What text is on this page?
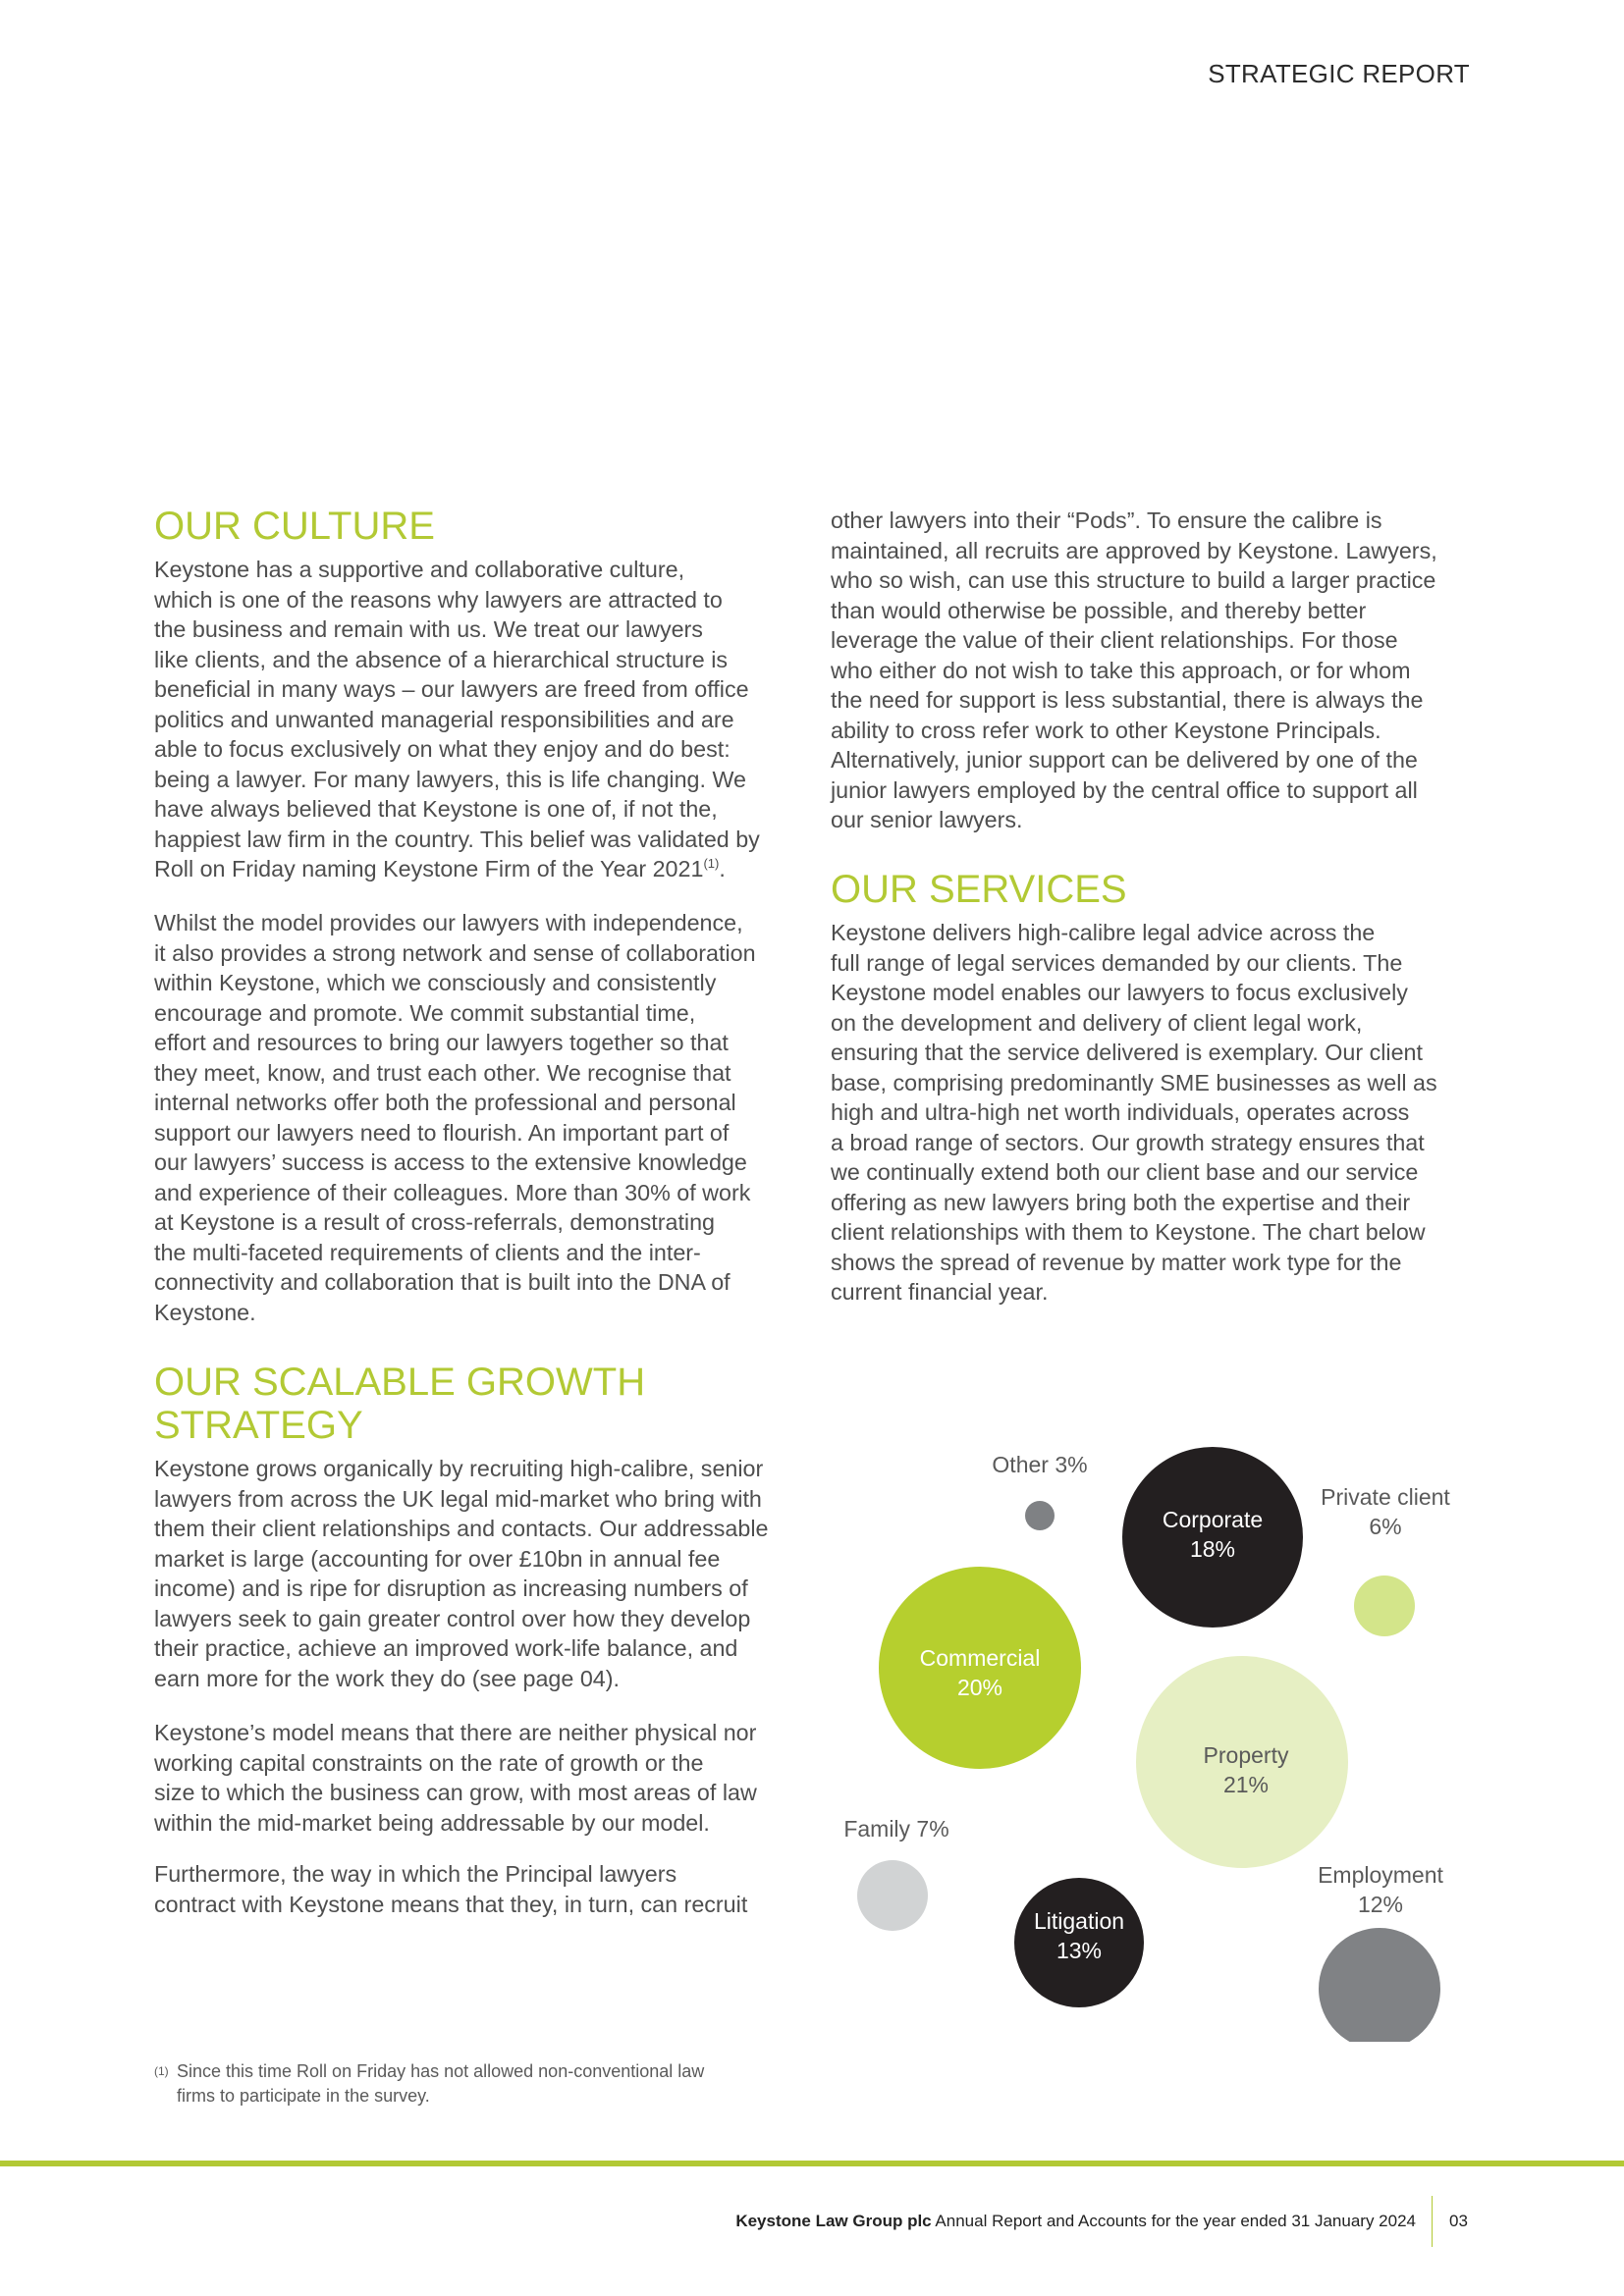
STRATEGIC REPORT
OUR CULTURE
Keystone has a supportive and collaborative culture,
which is one of the reasons why lawyers are attracted to
the business and remain with us. We treat our lawyers
like clients, and the absence of a hierarchical structure is
beneficial in many ways – our lawyers are freed from office
politics and unwanted managerial responsibilities and are
able to focus exclusively on what they enjoy and do best:
being a lawyer. For many lawyers, this is life changing. We
have always believed that Keystone is one of, if not the,
happiest law firm in the country. This belief was validated by
Roll on Friday naming Keystone Firm of the Year 2021$^{(1)}$.
Whilst the model provides our lawyers with independence,
it also provides a strong network and sense of collaboration
within Keystone, which we consciously and consistently
encourage and promote. We commit substantial time,
effort and resources to bring our lawyers together so that
they meet, know, and trust each other. We recognise that
internal networks offer both the professional and personal
support our lawyers need to flourish. An important part of
our lawyers’ success is access to the extensive knowledge
and experience of their colleagues. More than 30% of work
at Keystone is a result of cross-referrals, demonstrating
the multi-faceted requirements of clients and the inter-
connectivity and collaboration that is built into the DNA of
Keystone.
OUR SCALABLE GROWTH
STRATEGY
Keystone grows organically by recruiting high-calibre, senior
lawyers from across the UK legal mid-market who bring with
them their client relationships and contacts. Our addressable
market is large (accounting for over £10bn in annual fee
income) and is ripe for disruption as increasing numbers of
lawyers seek to gain greater control over how they develop
their practice, achieve an improved work-life balance, and
earn more for the work they do (see page 04).
Keystone’s model means that there are neither physical nor
working capital constraints on the rate of growth or the
size to which the business can grow, with most areas of law
within the mid-market being addressable by our model.
Furthermore, the way in which the Principal lawyers
contract with Keystone means that they, in turn, can recruit
other lawyers into their “Pods”. To ensure the calibre is
maintained, all recruits are approved by Keystone. Lawyers,
who so wish, can use this structure to build a larger practice
than would otherwise be possible, and thereby better
leverage the value of their client relationships. For those
who either do not wish to take this approach, or for whom
the need for support is less substantial, there is always the
ability to cross refer work to other Keystone Principals.
Alternatively, junior support can be delivered by one of the
junior lawyers employed by the central office to support all
our senior lawyers.
OUR SERVICES
Keystone delivers high-calibre legal advice across the
full range of legal services demanded by our clients. The
Keystone model enables our lawyers to focus exclusively
on the development and delivery of client legal work,
ensuring that the service delivered is exemplary. Our client
base, comprising predominantly SME businesses as well as
high and ultra-high net worth individuals, operates across
a broad range of sectors. Our growth strategy ensures that
we continually extend both our client base and our service
offering as new lawyers bring both the expertise and their
client relationships with them to Keystone. The chart below
shows the spread of revenue by matter work type for the
current financial year.
Other 3%
Corporate
18%
Private client
6%
Commercial
20%
Property
21%
Family 7%
Litigation
13%
Employment
12%
(1) Since this time Roll on Friday has not allowed non-conventional law
firms to participate in the survey.
Keystone Law Group plc Annual Report and Accounts for the year ended 31 January 2024 03
